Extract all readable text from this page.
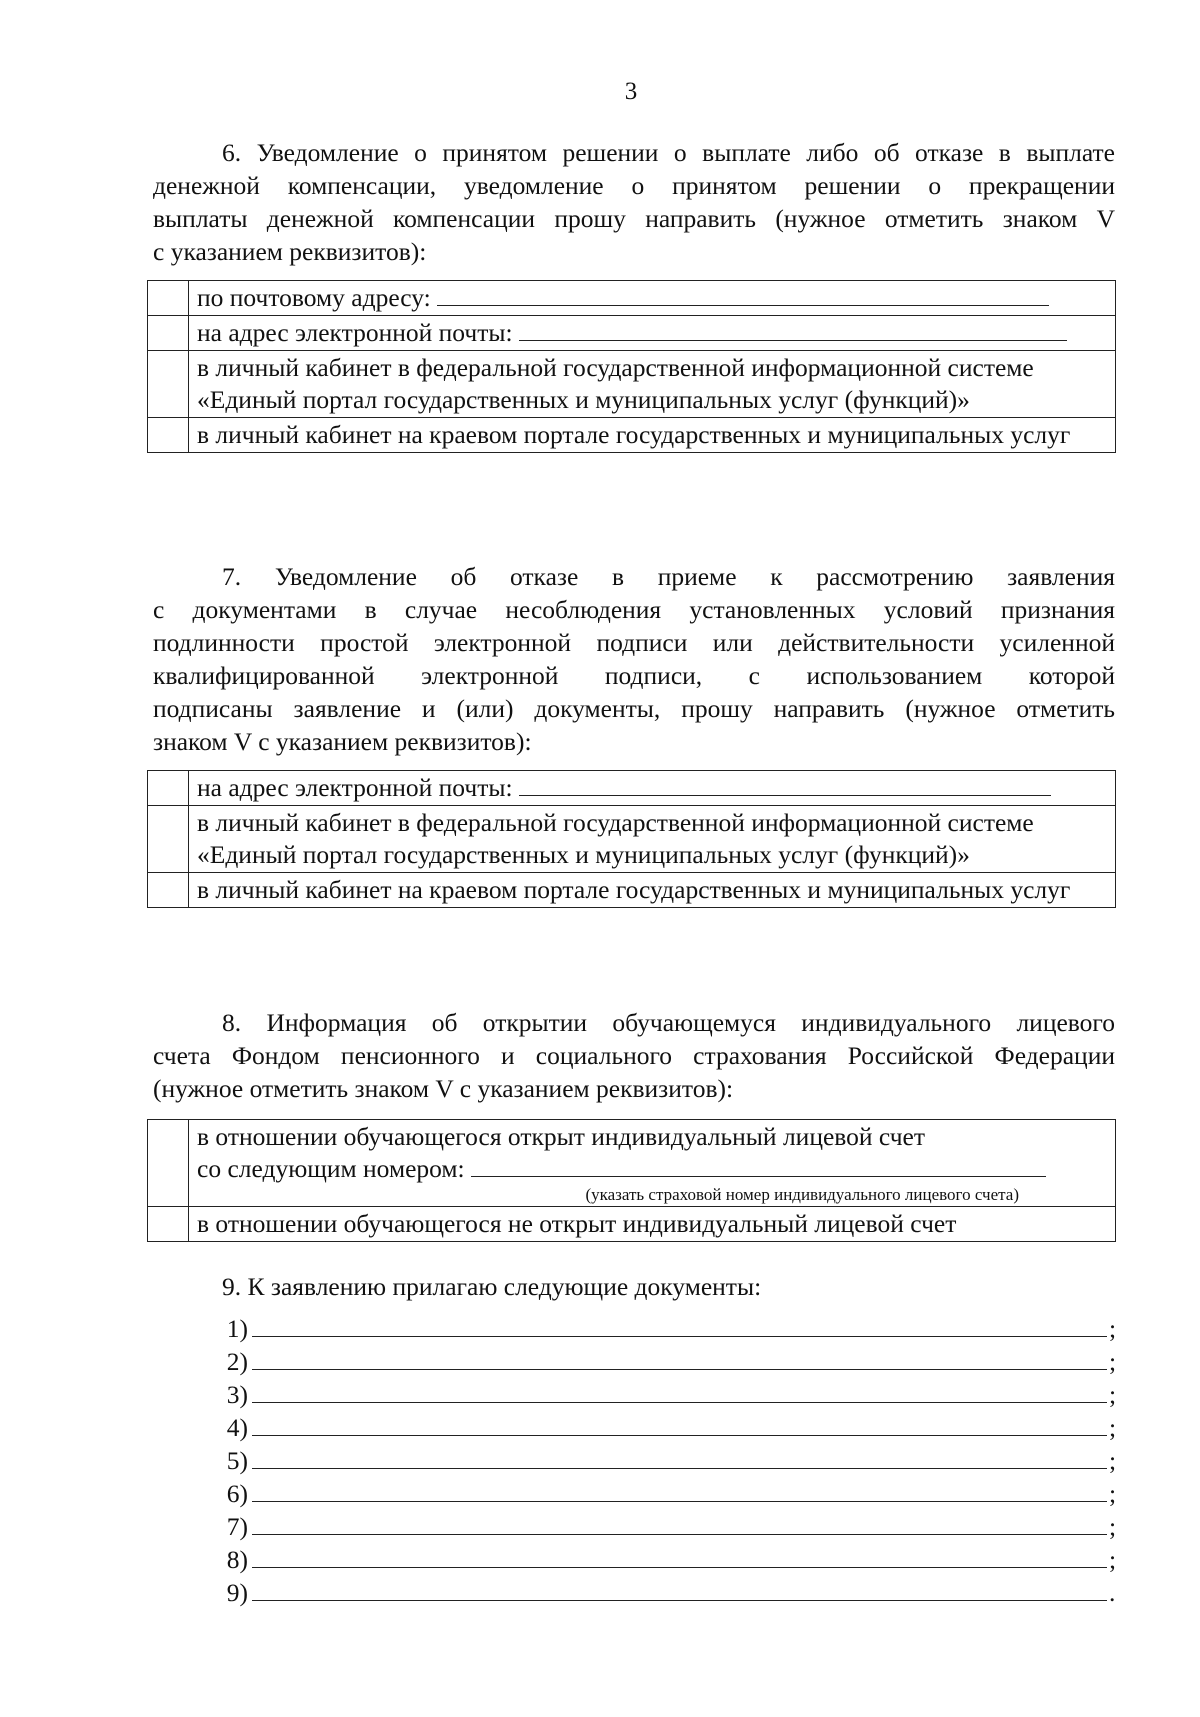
3
6. Уведомление о принятом решении о выплате либо об отказе в выплате
денежной компенсации, уведомление о принятом решении о прекращении
выплаты денежной компенсации прошу направить (нужное отметить знаком V
с указанием реквизитов):
	по почтовому адресу:
	на адрес электронной почты:
	в личный кабинет в федеральной государственной информационной системе «Единый портал государственных и муниципальных услуг (функций)»
	в личный кабинет на краевом портале государственных и муниципальных услуг
7. Уведомление об отказе в приеме к рассмотрению заявления
с документами в случае несоблюдения установленных условий признания
подлинности простой электронной подписи или действительности усиленной
квалифицированной электронной подписи, с использованием которой
подписаны заявление и (или) документы, прошу направить (нужное отметить
знаком V с указанием реквизитов):
	на адрес электронной почты:
	в личный кабинет в федеральной государственной информационной системе «Единый портал государственных и муниципальных услуг (функций)»
	в личный кабинет на краевом портале государственных и муниципальных услуг
8. Информация об открытии обучающемуся индивидуального лицевого
счета Фондом пенсионного и социального страхования Российской Федерации
(нужное отметить знаком V с указанием реквизитов):

	в отношении обучающегося открыт индивидуальный лицевой счет
со следующим номером:
(указать страховой номер индивидуального лицевого счета)

	в отношении обучающегося не открыт индивидуальный лицевой счет
9. К заявлению прилагаю следующие документы:
1)	;
2)	;
3)	;
4)	;
5)	;
6)	;
7)	;
8)	;
9)	.
